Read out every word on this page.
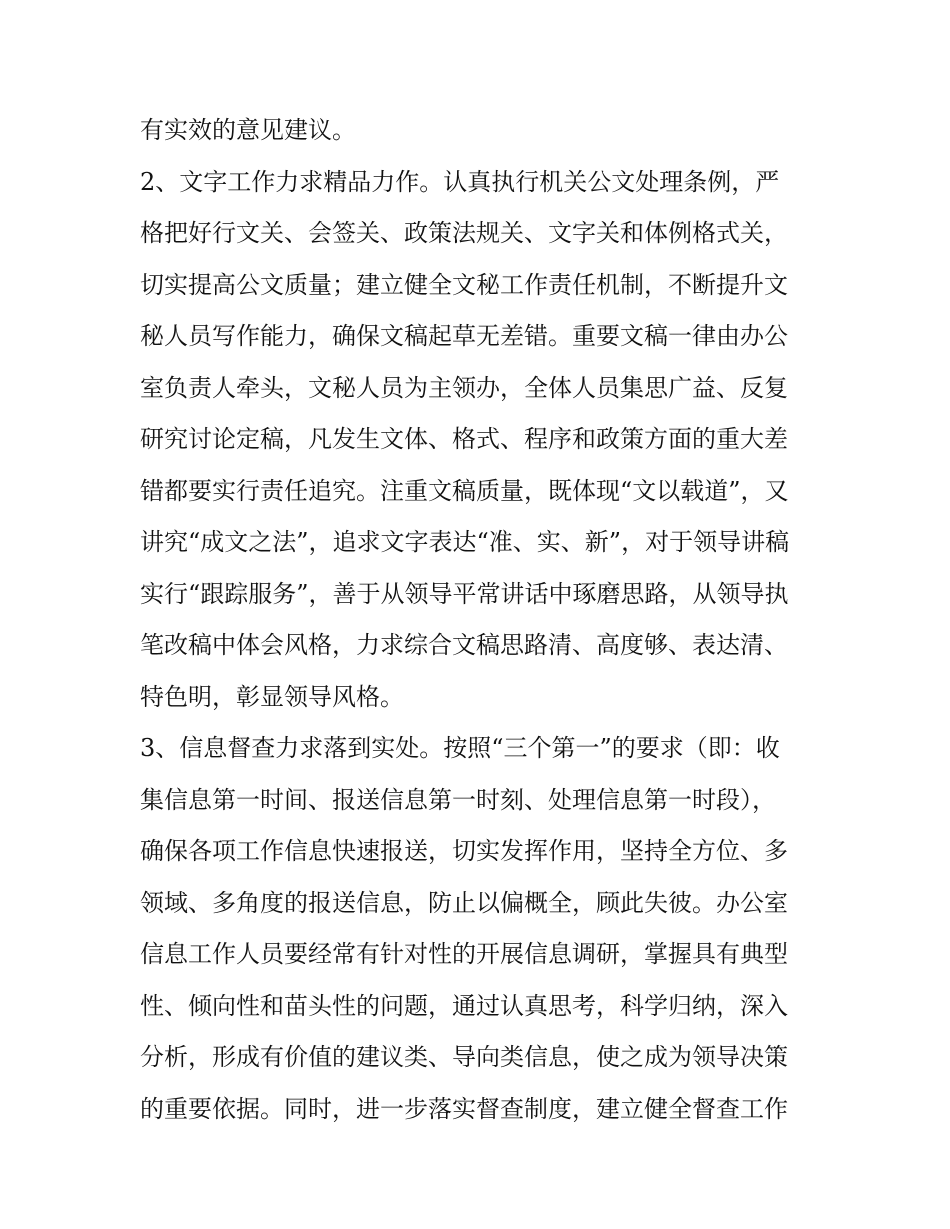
有实效的意见建议。
2、文字工作力求精品力作。认真执行机关公文处理条例，严
格把好行文关、会签关、政策法规关、文字关和体例格式关，
切实提高公文质量；建立健全文秘工作责任机制，不断提升文
秘人员写作能力，确保文稿起草无差错。重要文稿一律由办公
室负责人牵头，文秘人员为主领办，全体人员集思广益、反复
研究讨论定稿，凡发生文体、格式、程序和政策方面的重大差
错都要实行责任追究。注重文稿质量，既体现“文以载道”，又
讲究“成文之法”，追求文字表达“准、实、新”，对于领导讲稿
实行“跟踪服务”，善于从领导平常讲话中琢磨思路，从领导执
笔改稿中体会风格，力求综合文稿思路清、高度够、表达清、
特色明，彰显领导风格。
3、信息督查力求落到实处。按照“三个第一”的要求（即：收
集信息第一时间、报送信息第一时刻、处理信息第一时段），
确保各项工作信息快速报送，切实发挥作用，坚持全方位、多
领域、多角度的报送信息，防止以偏概全，顾此失彼。办公室
信息工作人员要经常有针对性的开展信息调研，掌握具有典型
性、倾向性和苗头性的问题，通过认真思考，科学归纳，深入
分析，形成有价值的建议类、导向类信息，使之成为领导决策
的重要依据。同时，进一步落实督查制度，建立健全督查工作
